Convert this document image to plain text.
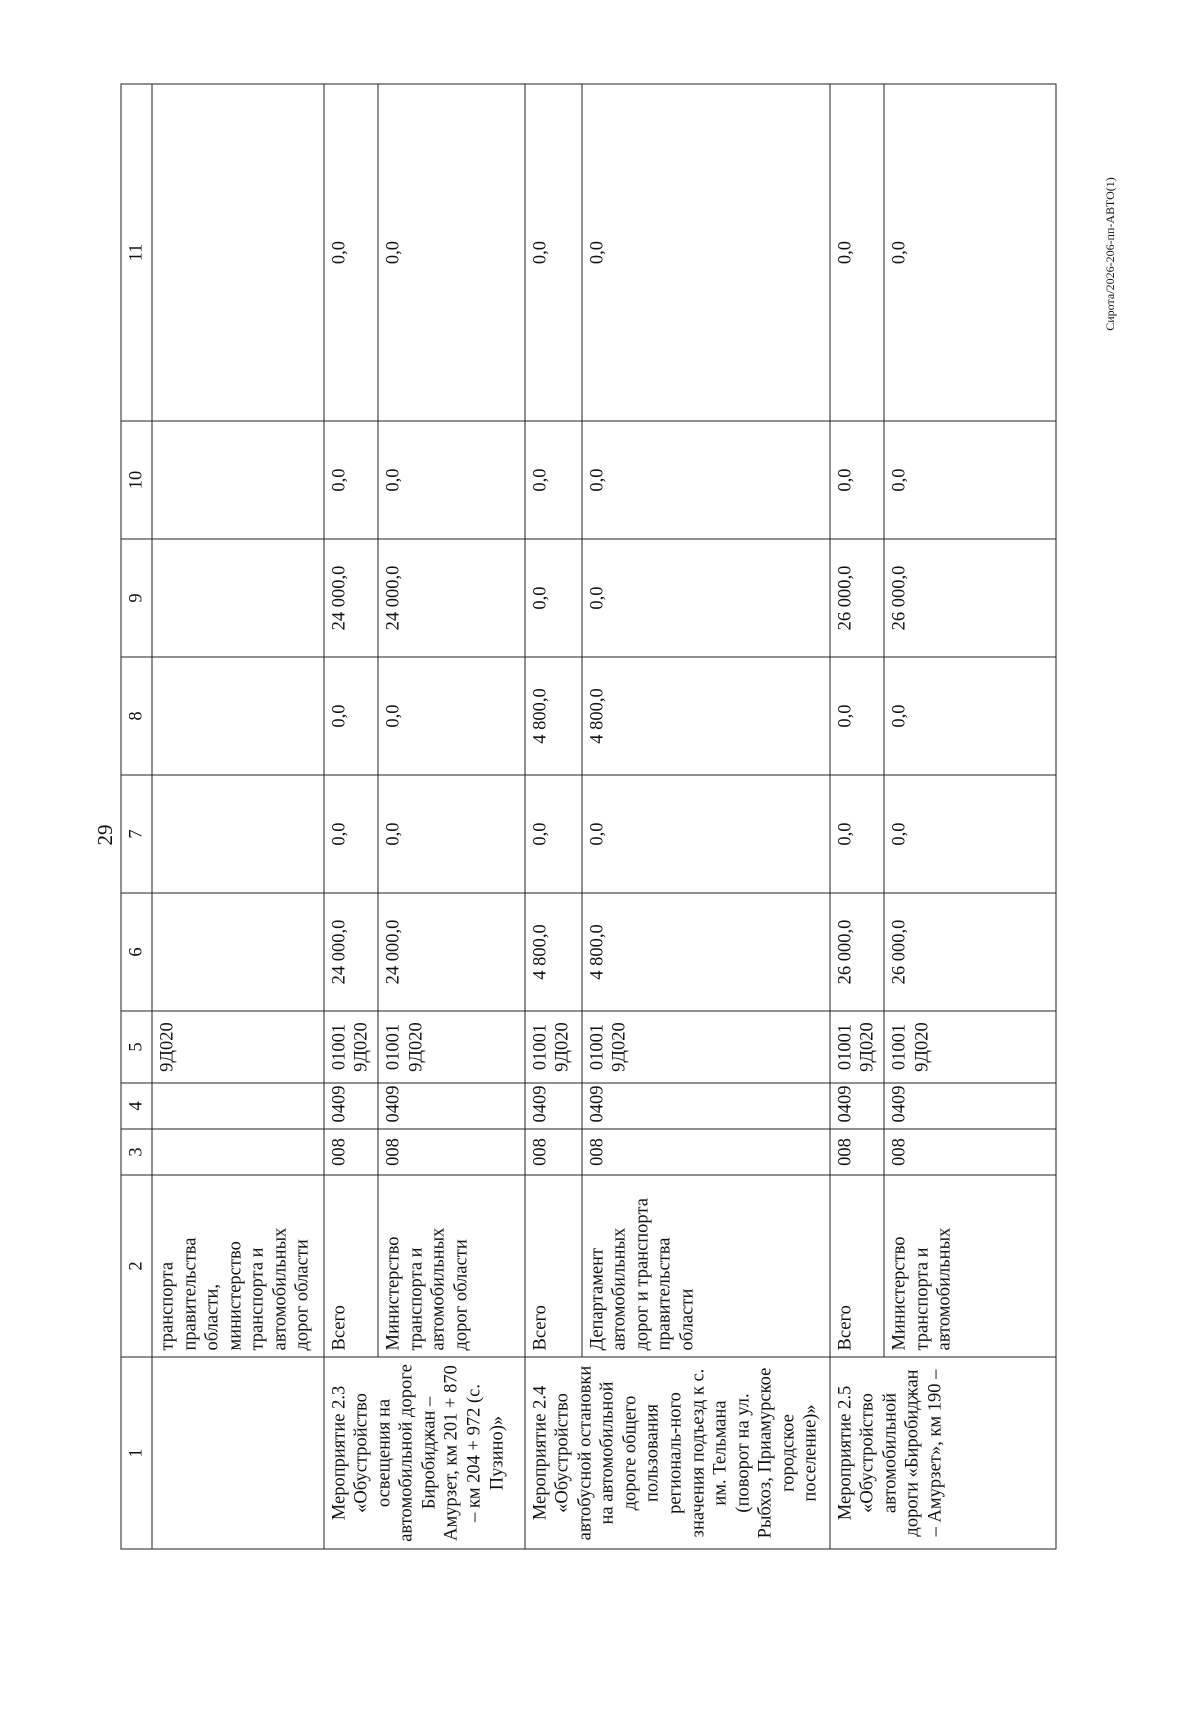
29
Сирота/2026-206-пп-АВТО(1)
1	2	3	4	5	6	7	8	9	10	11
	транспорта правительства области, министерство транспорта и автомобильных дорог области			9Д020						
Мероприятие 2.3 «Обустройство освещения на автомобильной дороге Биробиджан – Амурзет, км 201 + 870 – км 204 + 972 (с. Пузино)»	Всего	008	0409	01001 9Д020	24 000,0	0,0	0,0	24 000,0	0,0	0,0
	Министерство транспорта и автомобильных дорог области	008	0409	01001 9Д020	24 000,0	0,0	0,0	24 000,0	0,0	0,0
Мероприятие 2.4 «Обустройство автобусной остановки на автомобильной дороге общего пользования региональ-ного значения подъезд к с. им. Тельмана (поворот на ул. Рыбхоз, Приамурское городское поселение)»	Всего	008	0409	01001 9Д020	4 800,0	0,0	4 800,0	0,0	0,0	0,0
	Департамент автомобильных дорог и транспорта правительства области	008	0409	01001 9Д020	4 800,0	0,0	4 800,0	0,0	0,0	0,0
Мероприятие 2.5 «Обустройство автомобильной дороги «Биробиджан – Амурзет», км 190 –	Всего	008	0409	01001 9Д020	26 000,0	0,0	0,0	26 000,0	0,0	0,0
	Министерство транспорта и автомобильных	008	0409	01001 9Д020	26 000,0	0,0	0,0	26 000,0	0,0	0,0
